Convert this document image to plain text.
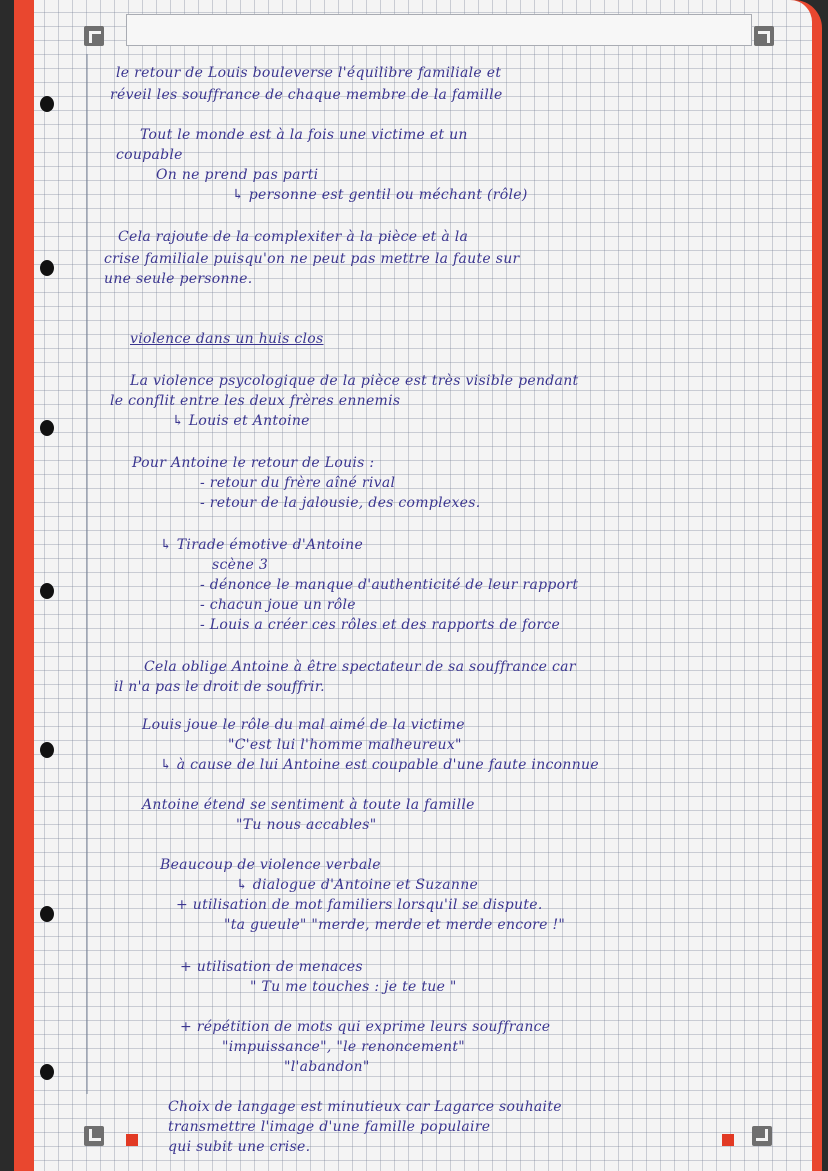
le retour de Louis bouleverse l'équilibre familiale et
réveil les souffrance de chaque membre de la famille
Tout le monde est à la fois une victime et un
coupable
On ne prend pas parti
↳ personne est gentil ou méchant (rôle)
Cela rajoute de la complexiter à la pièce et à la
crise familiale puisqu'on ne peut pas mettre la faute sur
une seule personne.
violence dans un huis clos
La violence psycologique de la pièce est très visible pendant
le conflit entre les deux frères ennemis
↳ Louis et Antoine
Pour Antoine le retour de Louis :
- retour du frère aîné rival
- retour de la jalousie, des complexes.
↳ Tirade émotive d'Antoine
scène 3
- dénonce le manque d'authenticité de leur rapport
- chacun joue un rôle
- Louis a créer ces rôles et des rapports de force
Cela oblige Antoine à être spectateur de sa souffrance car
il n'a pas le droit de souffrir.
Louis joue le rôle du mal aimé de la victime
"C'est lui l'homme malheureux"
↳ à cause de lui Antoine est coupable d'une faute inconnue
Antoine étend se sentiment à toute la famille
"Tu nous accables"
Beaucoup de violence verbale
↳ dialogue d'Antoine et Suzanne
+ utilisation de mot familiers lorsqu'il se dispute.
"ta gueule" "merde, merde et merde encore !"
+ utilisation de menaces
" Tu me touches : je te tue "
+ répétition de mots qui exprime leurs souffrance
"impuissance", "le renoncement"
"l'abandon"
Choix de langage est minutieux car Lagarce souhaite
transmettre l'image d'une famille populaire
qui subit une crise.
